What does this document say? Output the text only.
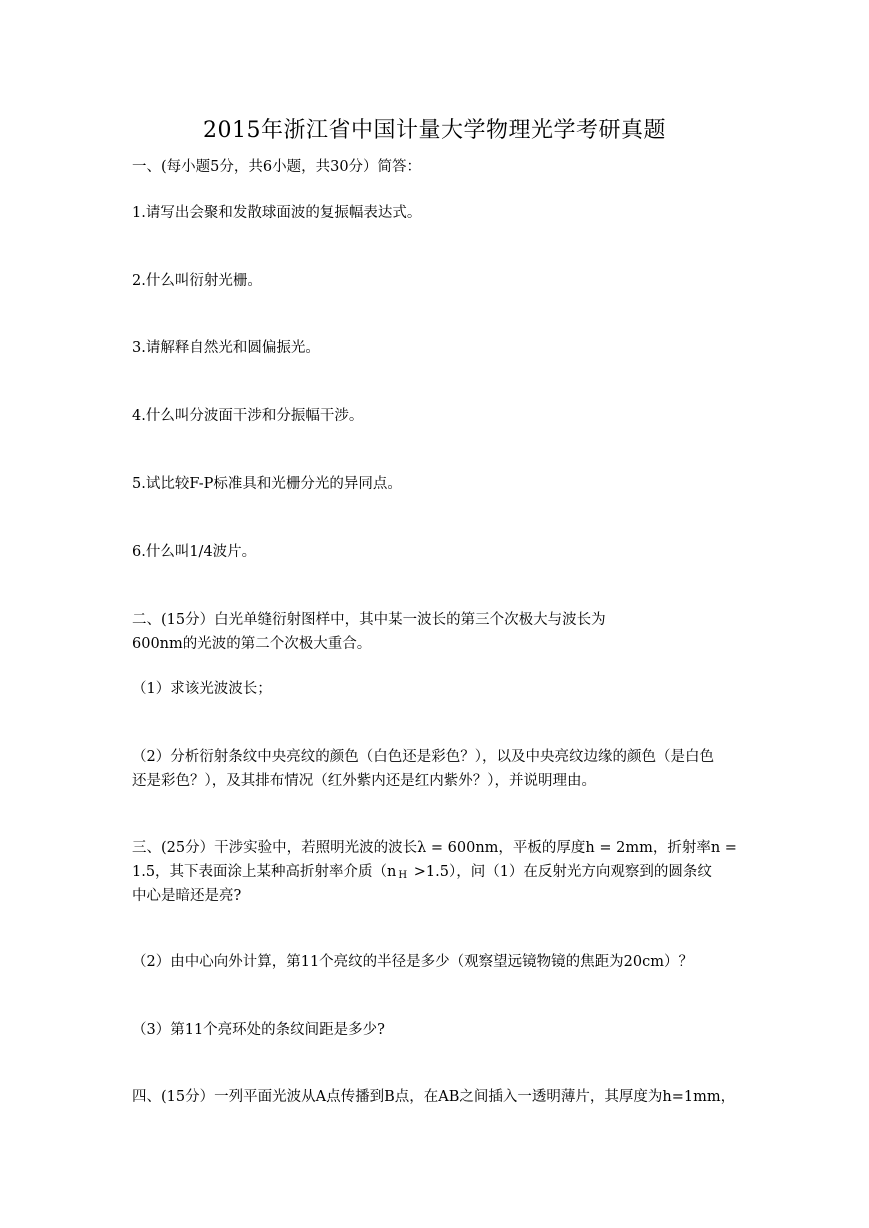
2015年浙江省中国计量大学物理光学考研真题
一、(每小题5分，共6小题，共30分）简答：
1.请写出会聚和发散球面波的复振幅表达式。
2.什么叫衍射光栅。
3.请解释自然光和圆偏振光。
4.什么叫分波面干涉和分振幅干涉。
5.试比较F-P标准具和光栅分光的异同点。
6.什么叫1/4波片。
二、(15分）白光单缝衍射图样中，其中某一波长的第三个次极大与波长为
600nm的光波的第二个次极大重合。
（1）求该光波波长；
（2）分析衍射条纹中央亮纹的颜色（白色还是彩色？），以及中央亮纹边缘的颜色（是白色
还是彩色？），及其排布情况（红外紫内还是红内紫外？），并说明理由。
三、(25分）干涉实验中，若照明光波的波长λ = 600nm，平板的厚度h = 2mm，折射率n =
1.5，其下表面涂上某种高折射率介质（n $_H$ >1.5），问（1）在反射光方向观察到的圆条纹
中心是暗还是亮?
（2）由中心向外计算，第11个亮纹的半径是多少（观察望远镜物镜的焦距为20cm）？
（3）第11个亮环处的条纹间距是多少?
四、(15分）一列平面光波从A点传播到B点，在AB之间插入一透明薄片，其厚度为h=1mm，
